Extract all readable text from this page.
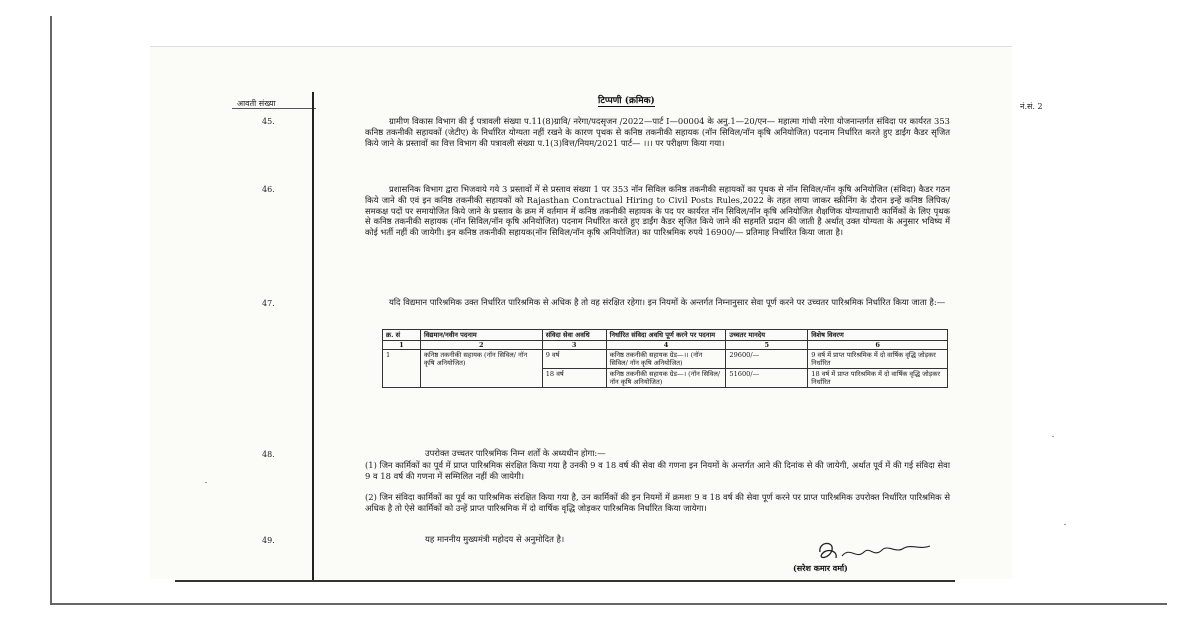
आवती संख्या	नं.सं. 2
टिप्पणी (क्रमिक)
45.	ग्रामीण विकास विभाग की ई पत्रावली संख्या प.11(8)ग्रावि/ नरेगा/पदसृजन /2022—पार्ट I—00004 के अनु.1—20/एन— महात्मा गांधी नरेगा योजनान्तर्गत संविदा पर कार्यरत 353 कनिष्ठ तकनीकी सहायकों (जेटीए) के निर्धारित योग्यता नहीं रखने के कारण पृथक से कनिष्ठ तकनीकी सहायक (नॉन सिविल/नॉन कृषि अनियोजित) पदनाम निर्धारित करते हुए डाईंग कैडर सृजित किये जाने के प्रस्तावों का वित्त विभाग की पत्रावली संख्या प.1(3)वित्त/नियम/2021 पार्ट— ।।। पर परीक्षण किया गया।
46.	प्रशासनिक विभाग द्वारा भिजवाये गये 3 प्रस्तावों में से प्रस्ताव संख्या 1 पर 353 नॉन सिविल कनिष्ठ तकनीकी सहायकों का पृथक से नॉन सिविल/नॉन कृषि अनियोजित (संविदा) कैडर गठन किये जाने की एवं इन कनिष्ठ तकनीकी सहायकों को Rajasthan Contractual Hiring to Civil Posts Rules,2022 के तहत लाया जाकर स्क्रीनिंग के दौरान इन्हें कनिष्ठ लिपिक/समकक्ष पदों पर समायोजित किये जाने के प्रस्ताव के क्रम में वर्तमान में कनिष्ठ तकनीकी सहायक के पद पर कार्यरत नॉन सिविल/नॉन कृषि अनियोजित शैक्षणिक योग्यताधारी कार्मिकों के लिए पृथक से कनिष्ठ तकनीकी सहायक (नॉन सिविल/नॉन कृषि अनियोजित) पदनाम निर्धारित करते हुए डाईंग कैडर सृजित किये जाने की सहमति प्रदान की जाती है अर्थात् उक्त योग्यता के अनुसार भविष्य में कोई भर्ती नहीं की जायेगी। इन कनिष्ठ तकनीकी सहायक(नॉन सिविल/नॉन कृषि अनियोजित) का पारिश्रमिक रुपये 16900/— प्रतिमाह निर्धारित किया जाता है।
47.	यदि विद्यमान पारिश्रमिक उक्त निर्धारित पारिश्रमिक से अधिक है तो वह संरक्षित रहेगा। इन नियमों के अन्तर्गत निम्नानुसार सेवा पूर्ण करने पर उच्चतर पारिश्रमिक निर्धारित किया जाता है:—
क्र. सं	विद्यमान/नवीन पदनाम	संविदा सेवा अवधि	निर्धारित संविदा अवधि पूर्ण करने पर पदनाम	उच्चतर मानदेय	विशेष विवरण
1	2	3	4	5	6
1	कनिष्ठ तकनीकी सहायक (नॉन सिविल/ नॉन कृषि अनियोजित)	9 वर्ष	कनिष्ठ तकनीकी सहायक ग्रेड—।। (नॉन सिविल/ नॉन कृषि अनियोजित)	29600/—	9 वर्ष में प्राप्त पारिश्रमिक में दो वार्षिक वृद्धि जोड़कर निर्धारित
		18 वर्ष	कनिष्ठ तकनीकी सहायक ग्रेड—। (नॉन सिविल/ नॉन कृषि अनियोजित)	51600/—	18 वर्ष में प्राप्त पारिश्रमिक में दो वार्षिक वृद्धि जोड़कर निर्धारित
48.	उपरोक्त उच्चतर पारिश्रमिक निम्न शर्तों के अध्यधीन होगा:—
(1) जिन कार्मिकों का पूर्व में प्राप्त पारिश्रमिक संरक्षित किया गया है उनकी 9 व 18 वर्ष की सेवा की गणना इन नियमों के अन्तर्गत आने की दिनांक से की जायेगी, अर्थात पूर्व में की गई संविदा सेवा 9 व 18 वर्ष की गणना में सम्मिलित नहीं की जायेगी।
(2) जिन संविदा कार्मिकों का पूर्व का पारिश्रमिक संरक्षित किया गया है, उन कार्मिकों की इन नियमों में क्रमशः 9 व 18 वर्ष की सेवा पूर्ण करने पर प्राप्त पारिश्रमिक उपरोक्त निर्धारित पारिश्रमिक से अधिक है तो ऐसे कार्मिकों को उन्हें प्राप्त पारिश्रमिक में दो वार्षिक वृद्धि जोड़कर पारिश्रमिक निर्धारित किया जायेगा।
49.	यह माननीय मुख्यमंत्री महोदय से अनुमोदित है।
(सरेश कमार वर्मा)
